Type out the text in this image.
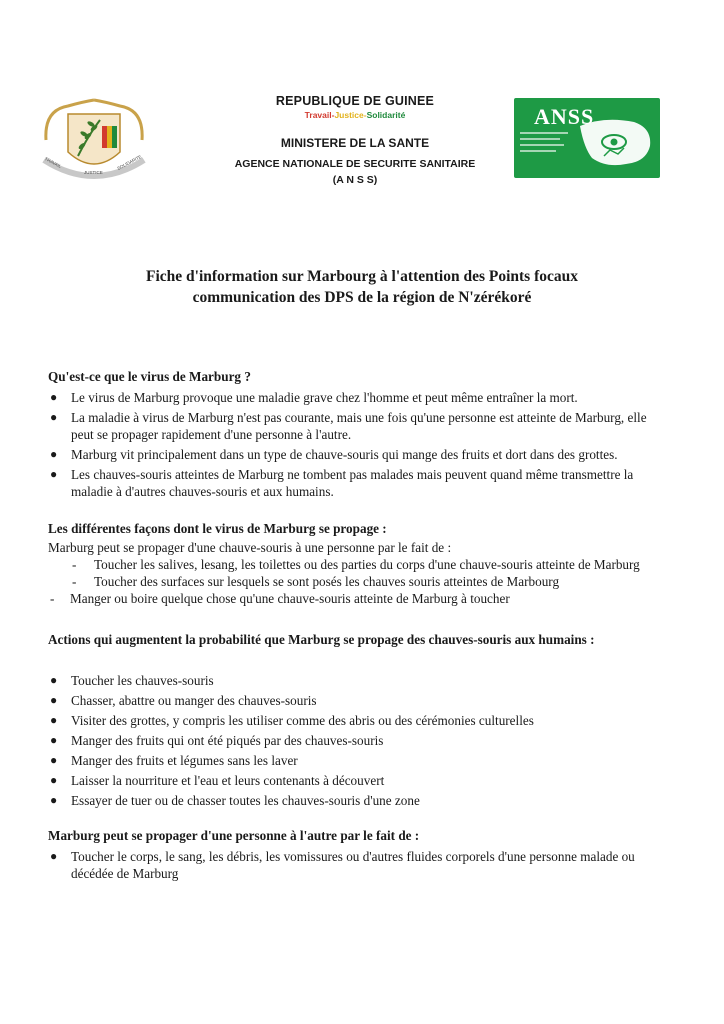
TRAVAIL
JUSTICE
SOLIDARITE
REPUBLIQUE DE GUINEE
Travail-Justice-Solidarité
MINISTERE DE LA SANTE
AGENCE NATIONALE DE SECURITE SANITAIRE
(A N S S)
ANSS
Fiche d'information sur Marbourg à l'attention des Points focaux
communication des DPS de la région de N'zérékoré

Qu'est-ce que le virus de Marburg ?

● Le virus de Marburg provoque une maladie grave chez l'homme et peut même entraîner la mort.
● La maladie à virus de Marburg n'est pas courante, mais une fois qu'une personne est atteinte de Marburg, elle peut se propager rapidement d'une personne à l'autre.
● Marburg vit principalement dans un type de chauve-souris qui mange des fruits et dort dans des grottes.
● Les chauves-souris atteintes de Marburg ne tombent pas malades mais peuvent quand même transmettre la maladie à d'autres chauves-souris et aux humains.

Les différentes façons dont le virus de Marburg se propage :

Marburg peut se propager d'une chauve-souris à une personne par le fait de :

- Toucher les salives, lesang, les toilettes ou des parties du corps d'une chauve-souris atteinte de Marburg
- Toucher des surfaces sur lesquels se sont posés les chauves souris atteintes de Marbourg
- Manger ou boire quelque chose qu'une chauve-souris atteinte de Marburg à toucher

Actions qui augmentent la probabilité que Marburg se propage des chauves-souris aux humains :

● Toucher les chauves-souris
● Chasser, abattre ou manger des chauves-souris
● Visiter des grottes, y compris les utiliser comme des abris ou des cérémonies culturelles
● Manger des fruits qui ont été piqués par des chauves-souris
● Manger des fruits et légumes sans les laver
● Laisser la nourriture et l'eau et leurs contenants à découvert
● Essayer de tuer ou de chasser toutes les chauves-souris d'une zone

Marburg peut se propager d'une personne à l'autre par le fait de :

● Toucher le corps, le sang, les débris, les vomissures ou d'autres fluides corporels d'une personne malade ou décédée de Marburg
